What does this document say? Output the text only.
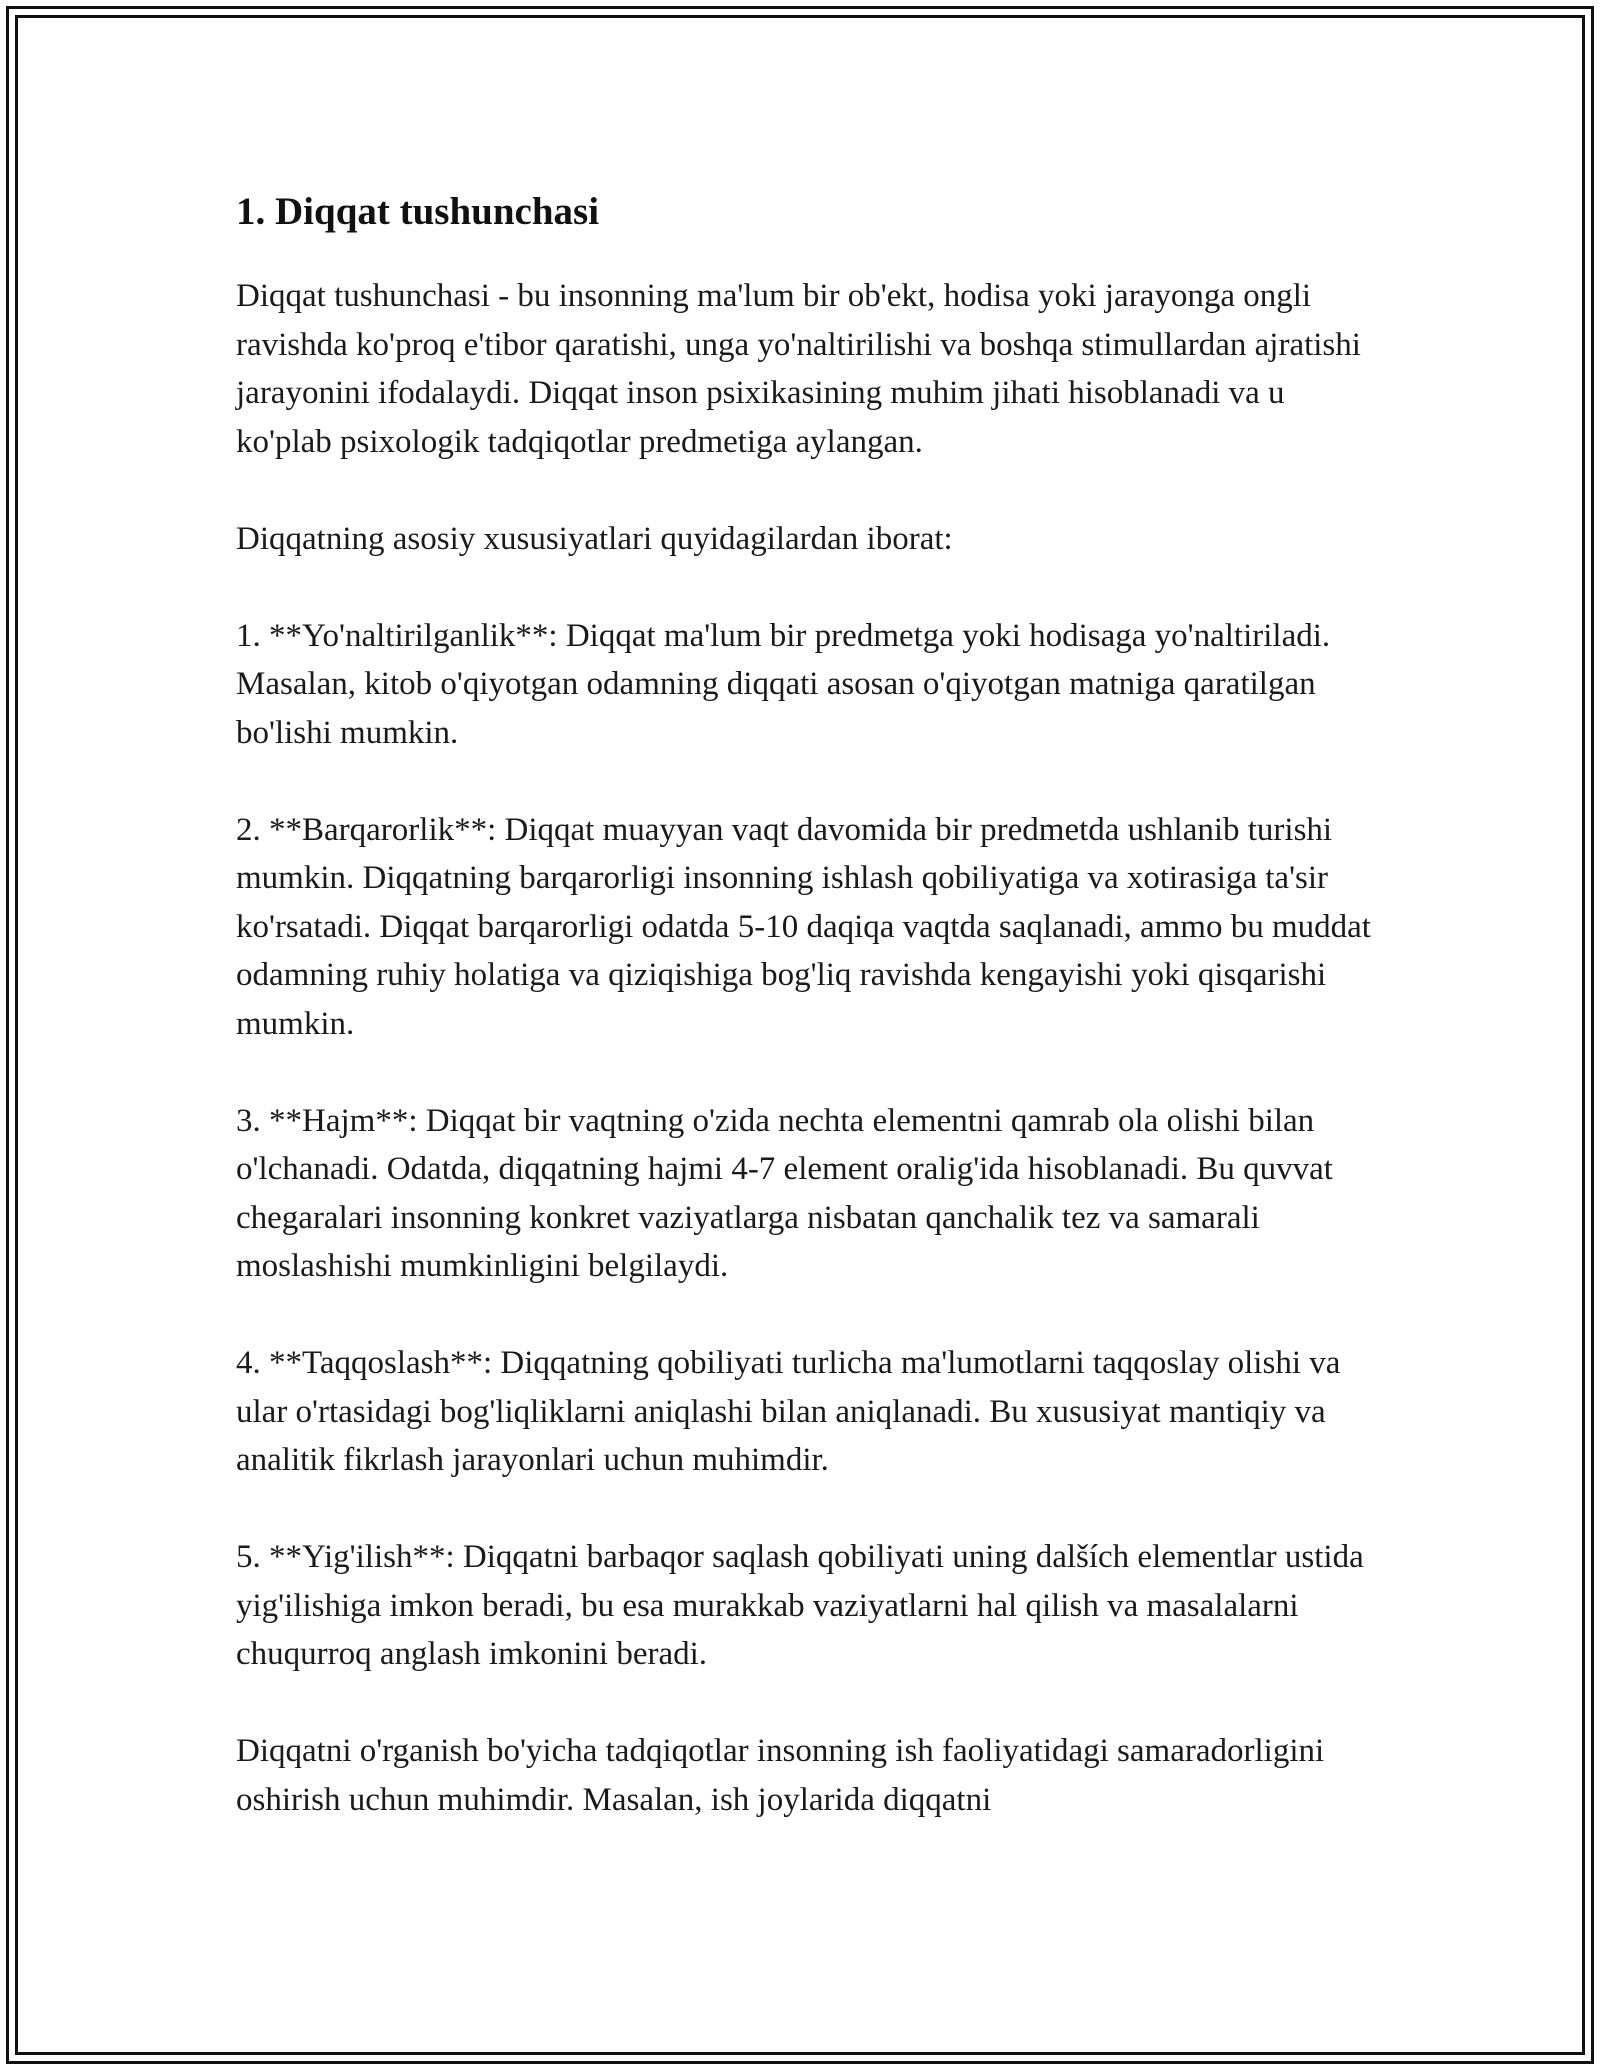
1. Diqqat tushunchasi

Diqqat tushunchasi - bu insonning ma'lum bir ob'ekt, hodisa yoki jarayonga ongli ravishda ko'proq e'tibor qaratishi, unga yo'naltirilishi va boshqa stimullardan ajratishi jarayonini ifodalaydi. Diqqat inson psixikasining muhim jihati hisoblanadi va u ko'plab psixologik tadqiqotlar predmetiga aylangan.

Diqqatning asosiy xususiyatlari quyidagilardan iborat:

1. **Yo'naltirilganlik**: Diqqat ma'lum bir predmetga yoki hodisaga yo'naltiriladi. Masalan, kitob o'qiyotgan odamning diqqati asosan o'qiyotgan matniga qaratilgan bo'lishi mumkin.

2. **Barqarorlik**: Diqqat muayyan vaqt davomida bir predmetda ushlanib turishi mumkin. Diqqatning barqarorligi insonning ishlash qobiliyatiga va xotirasiga ta'sir ko'rsatadi. Diqqat barqarorligi odatda 5-10 daqiqa vaqtda saqlanadi, ammo bu muddat odamning ruhiy holatiga va qiziqishiga bog'liq ravishda kengayishi yoki qisqarishi mumkin.

3. **Hajm**: Diqqat bir vaqtning o'zida nechta elementni qamrab ola olishi bilan o'lchanadi. Odatda, diqqatning hajmi 4-7 element oralig'ida hisoblanadi. Bu quvvat chegaralari insonning konkret vaziyatlarga nisbatan qanchalik tez va samarali moslashishi mumkinligini belgilaydi.

4. **Taqqoslash**: Diqqatning qobiliyati turlicha ma'lumotlarni taqqoslay olishi va ular o'rtasidagi bog'liqliklarni aniqlashi bilan aniqlanadi. Bu xususiyat mantiqiy va analitik fikrlash jarayonlari uchun muhimdir.

5. **Yig'ilish**: Diqqatni barbaqor saqlash qobiliyati uning dalších elementlar ustida yig'ilishiga imkon beradi, bu esa murakkab vaziyatlarni hal qilish va masalalarni chuqurroq anglash imkonini beradi.

Diqqatni o'rganish bo'yicha tadqiqotlar insonning ish faoliyatidagi samaradorligini oshirish uchun muhimdir. Masalan, ish joylarida diqqatni
